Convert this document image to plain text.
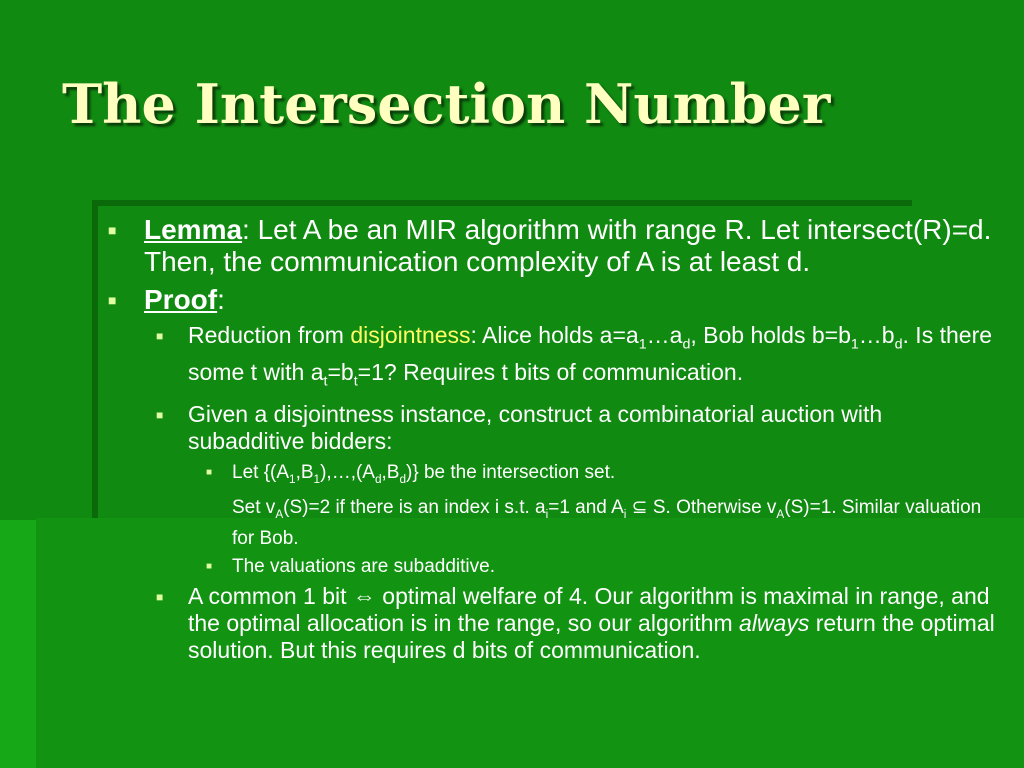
The Intersection Number
■ Lemma: Let A be an MIR algorithm with range R. Let intersect(R)=d. Then, the communication complexity of A is at least d.
■ Proof:
■ Reduction from disjointness: Alice holds $a=a_1\dots a_d$, Bob holds $b=b_1\dots b_d$. Is there some t with $a_t=b_t=1$? Requires t bits of communication.
■ Given a disjointness instance, construct a combinatorial auction with subadditive bidders:
■ Let $\{(A_1,B_1),\dots,(A_d,B_d)\}$ be the intersection set.
Set $v_A(S)=2$ if there is an index i s.t. $a_i=1$ and $A_i$ ⊆ S. Otherwise $v_A(S)=1$. Similar valuation for Bob.
■ The valuations are subadditive.
■ A common 1 bit ⇔ optimal welfare of 4. Our algorithm is maximal in range, and the optimal allocation is in the range, so our algorithm always return the optimal solution. But this requires d bits of communication.
